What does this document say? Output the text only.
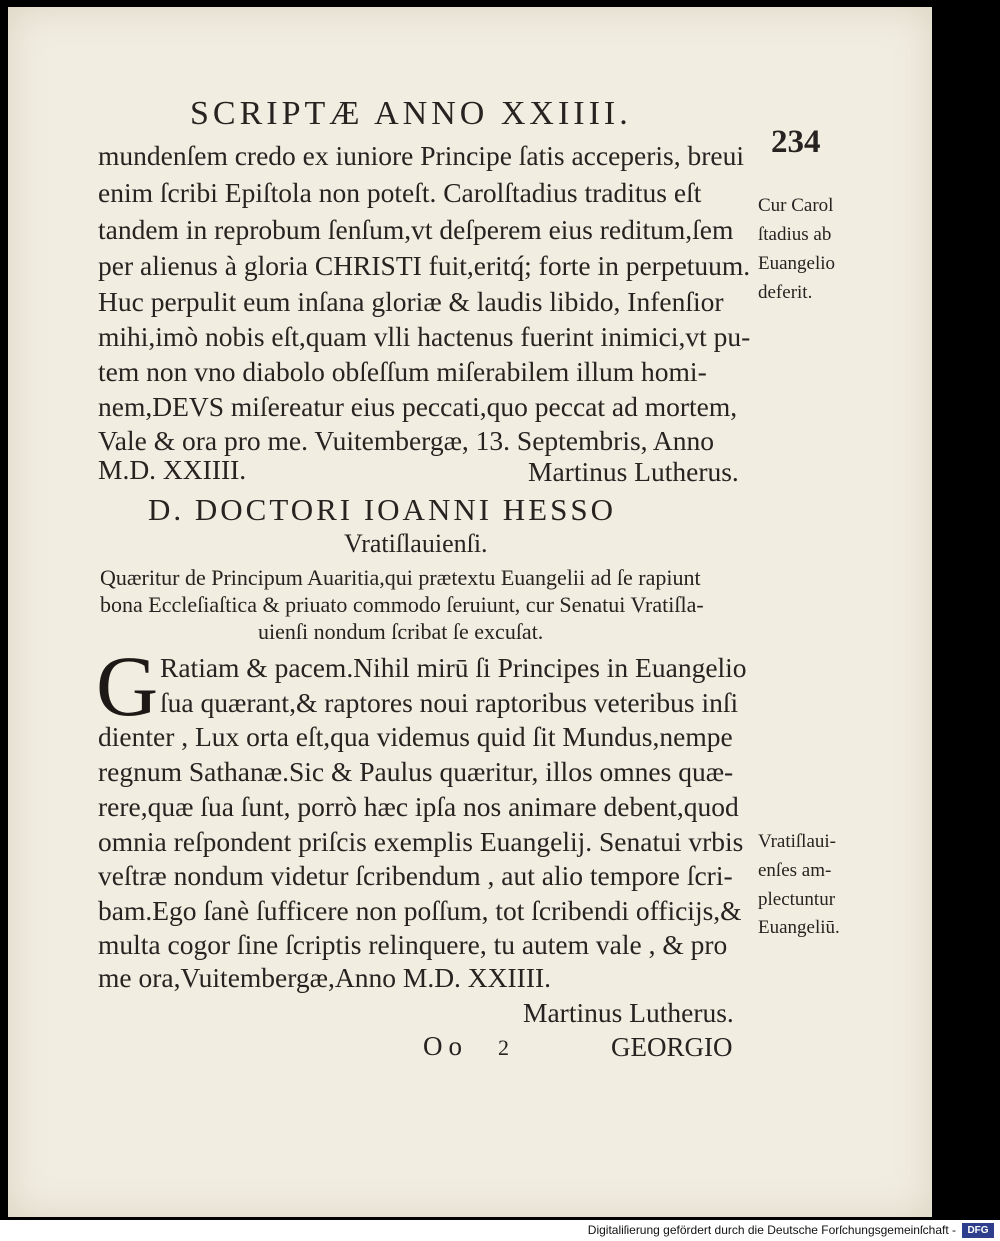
SCRIPTÆ ANNO XXIIII.
234
mundenſem credo ex iuniore Principe ſatis acceperis, breui
enim ſcribi Epiſtola non poteſt. Carolſtadius traditus eſt
tandem in reprobum ſenſum,vt deſperem eius reditum,ſem
per alienus à gloria CHRISTI fuit,eritq́; forte in perpetuum.
Huc perpulit eum inſana gloriæ & laudis libido, Infenſior
mihi,imò nobis eſt,quam vlli hactenus fuerint inimici,vt pu-
tem non vno diabolo obſeſſum miſerabilem illum homi-
nem,DEVS miſereatur eius peccati,quo peccat ad mortem,
Vale & ora pro me. Vuitembergæ, 13. Septembris, Anno
M.D. XXIIII.	Martinus Lutherus.
Cur Carol
ſtadius ab
Euangelio
deferit.
D. DOCTORI IOANNI HESSO
Vratiſlauienſi.
Quæritur de Principum Auaritia,qui prætextu Euangelii ad ſe rapiunt
bona Eccleſiaſtica & priuato commodo ſeruiunt, cur Senatui Vratiſla-
uienſi nondum ſcribat ſe excuſat.
G Ratiam & pacem.Nihil mirū ſi Principes in Euangelio
ſua quærant,& raptores noui raptoribus veteribus inſi
dienter , Lux orta eſt,qua videmus quid ſit Mundus,nempe
regnum Sathanæ.Sic & Paulus quæritur, illos omnes quæ-
rere,quæ ſua ſunt, porrò hæc ipſa nos animare debent,quod
omnia reſpondent priſcis exemplis Euangelij. Senatui vrbis
veſtræ nondum videtur ſcribendum , aut alio tempore ſcri-
bam.Ego ſanè ſufficere non poſſum, tot ſcribendi officijs,&
multa cogor ſine ſcriptis relinquere, tu autem vale , & pro
me ora,Vuitembergæ,Anno M.D. XXIIII.
Martinus Lutherus.
Vratiſlaui-
enſes am-
plectuntur
Euangeliū.
Oo 2	GEORGIO
Digitaliſierung gefördert durch die Deutsche Forſchungsgemeinſchaft -	DFG
